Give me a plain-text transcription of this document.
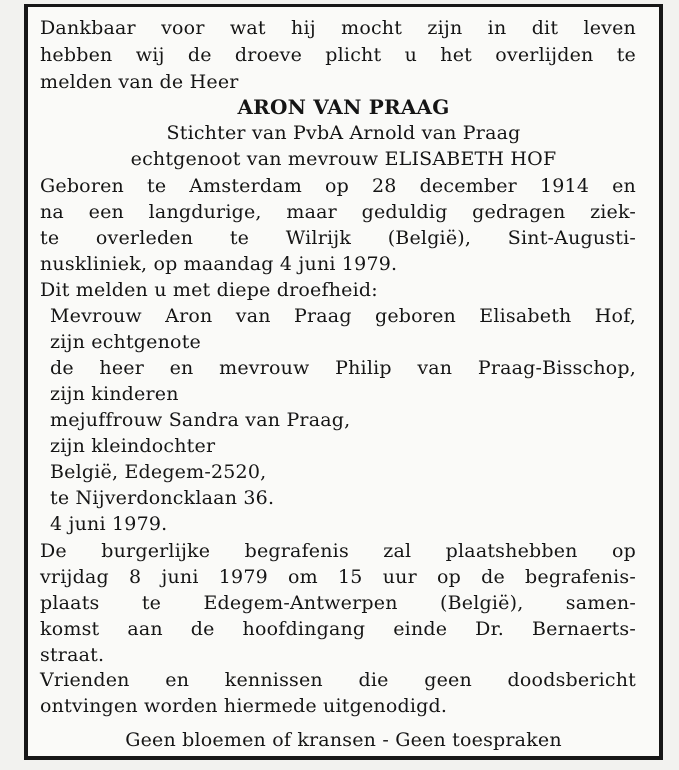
Dankbaar voor wat hij mocht zijn in dit leven
hebben wij de droeve plicht u het overlijden te
melden van de Heer
ARON VAN PRAAG
Stichter van PvbA Arnold van Praag
echtgenoot van mevrouw ELISABETH HOF
Geboren te Amsterdam op 28 december 1914 en
na een langdurige, maar geduldig gedragen ziek-
te overleden te Wilrijk (België), Sint-Augusti-
nuskliniek, op maandag 4 juni 1979.
Dit melden u met diepe droefheid:
Mevrouw Aron van Praag geboren Elisabeth Hof,
zijn echtgenote
de heer en mevrouw Philip van Praag-Bisschop,
zijn kinderen
mejuffrouw Sandra van Praag,
zijn kleindochter
België, Edegem-2520,
te Nijverdoncklaan 36.
4 juni 1979.
De burgerlijke begrafenis zal plaatshebben op
vrijdag 8 juni 1979 om 15 uur op de begrafenis-
plaats te Edegem-Antwerpen (België), samen-
komst aan de hoofdingang einde Dr. Bernaerts-
straat.
Vrienden en kennissen die geen doodsbericht
ontvingen worden hiermede uitgenodigd.
Geen bloemen of kransen - Geen toespraken
